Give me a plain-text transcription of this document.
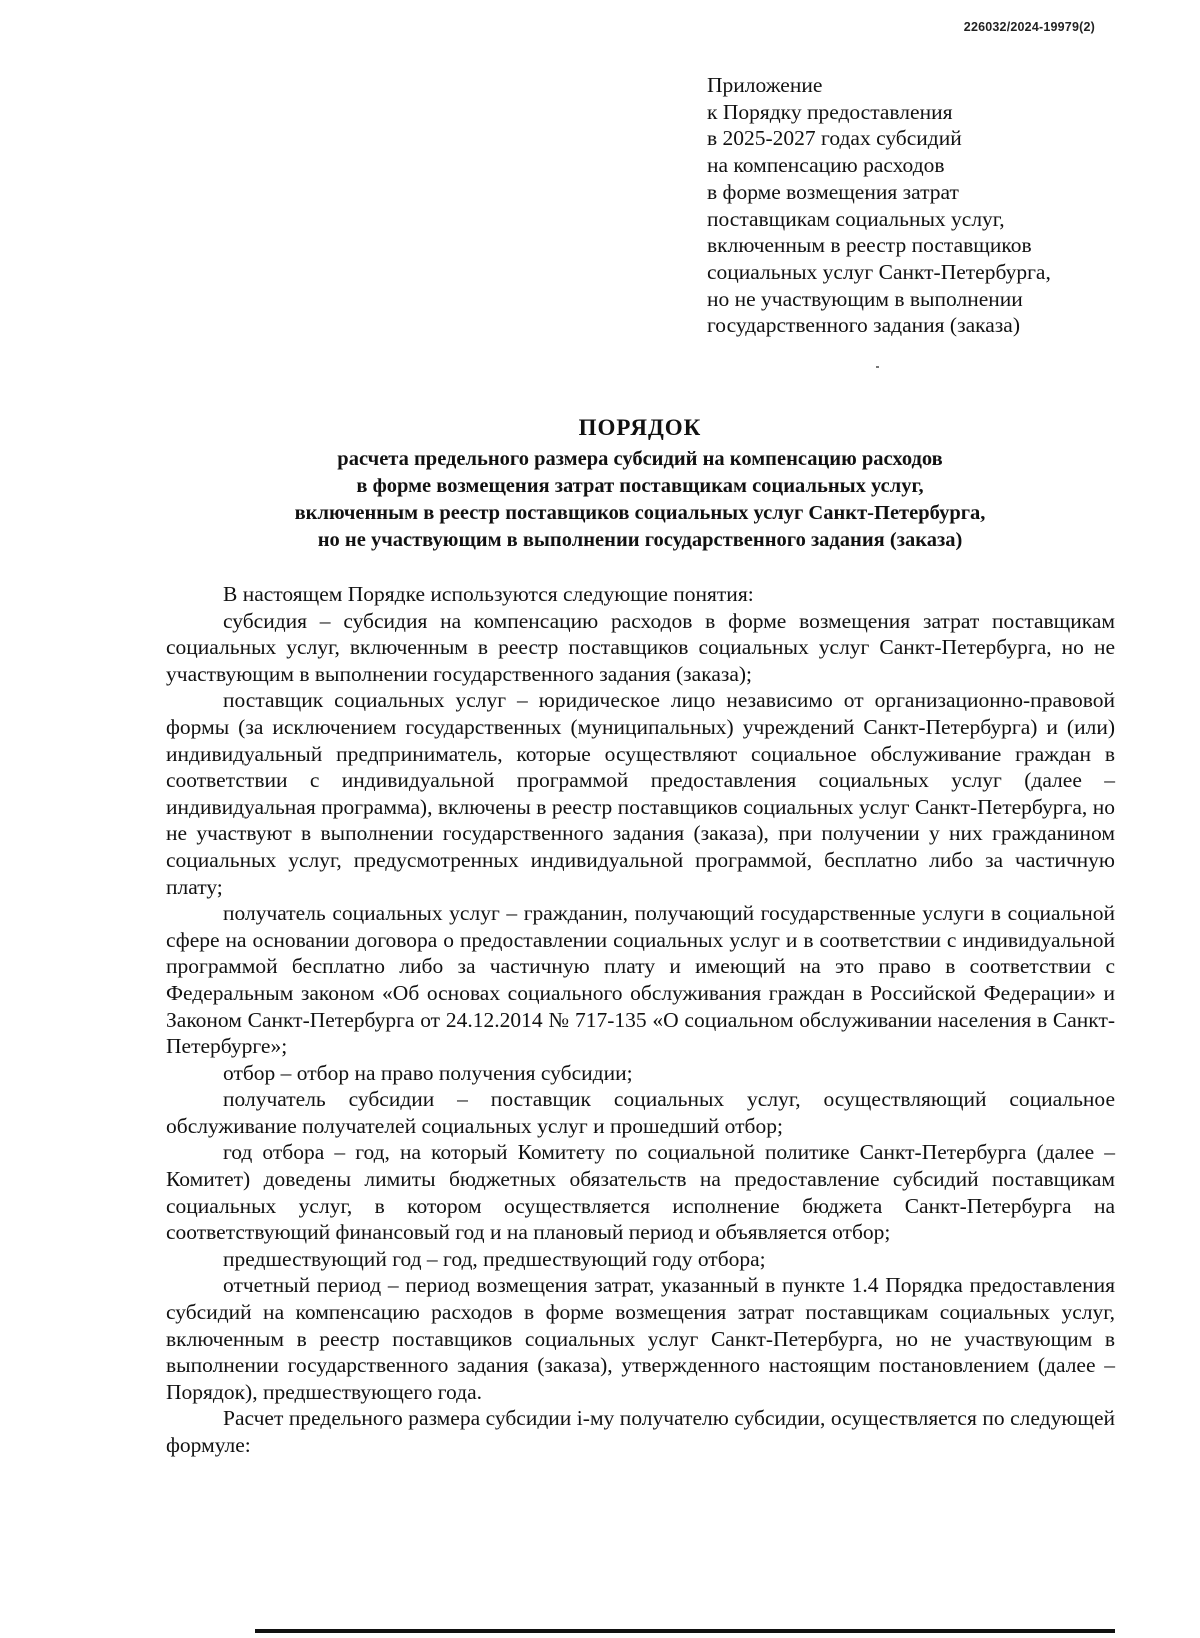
226032/2024-19979(2)
Приложение
к Порядку предоставления
в 2025-2027 годах субсидий
на компенсацию расходов
в форме возмещения затрат
поставщикам социальных услуг,
включенным в реестр поставщиков
социальных услуг Санкт-Петербурга,
но не участвующим в выполнении
государственного задания (заказа)
ПОРЯДОК
расчета предельного размера субсидий на компенсацию расходов
в форме возмещения затрат поставщикам социальных услуг,
включенным в реестр поставщиков социальных услуг Санкт-Петербурга,
но не участвующим в выполнении государственного задания (заказа)

В настоящем Порядке используются следующие понятия:

субсидия – субсидия на компенсацию расходов в форме возмещения затрат поставщикам социальных услуг, включенным в реестр поставщиков социальных услуг Санкт-Петербурга, но не участвующим в выполнении государственного задания (заказа);

поставщик социальных услуг – юридическое лицо независимо от организационно-правовой формы (за исключением государственных (муниципальных) учреждений Санкт-Петербурга) и (или) индивидуальный предприниматель, которые осуществляют социальное обслуживание граждан в соответствии с индивидуальной программой предоставления социальных услуг (далее – индивидуальная программа), включены в реестр поставщиков социальных услуг Санкт-Петербурга, но не участвуют в выполнении государственного задания (заказа), при получении у них гражданином социальных услуг, предусмотренных индивидуальной программой, бесплатно либо за частичную плату;

получатель социальных услуг – гражданин, получающий государственные услуги в социальной сфере на основании договора о предоставлении социальных услуг и в соответствии с индивидуальной программой бесплатно либо за частичную плату и имеющий на это право в соответствии с Федеральным законом «Об основах социального обслуживания граждан в Российской Федерации» и Законом Санкт-Петербурга от 24.12.2014 № 717-135 «О социальном обслуживании населения в Санкт-Петербурге»;

отбор – отбор на право получения субсидии;

получатель субсидии – поставщик социальных услуг, осуществляющий социальное обслуживание получателей социальных услуг и прошедший отбор;

год отбора – год, на который Комитету по социальной политике Санкт-Петербурга (далее – Комитет) доведены лимиты бюджетных обязательств на предоставление субсидий поставщикам социальных услуг, в котором осуществляется исполнение бюджета Санкт-Петербурга на соответствующий финансовый год и на плановый период и объявляется отбор;

предшествующий год – год, предшествующий году отбора;

отчетный период – период возмещения затрат, указанный в пункте 1.4 Порядка предоставления субсидий на компенсацию расходов в форме возмещения затрат поставщикам социальных услуг, включенным в реестр поставщиков социальных услуг Санкт-Петербурга, но не участвующим в выполнении государственного задания (заказа), утвержденного настоящим постановлением (далее – Порядок), предшествующего года.

Расчет предельного размера субсидии i-му получателю субсидии, осуществляется по следующей формуле:
